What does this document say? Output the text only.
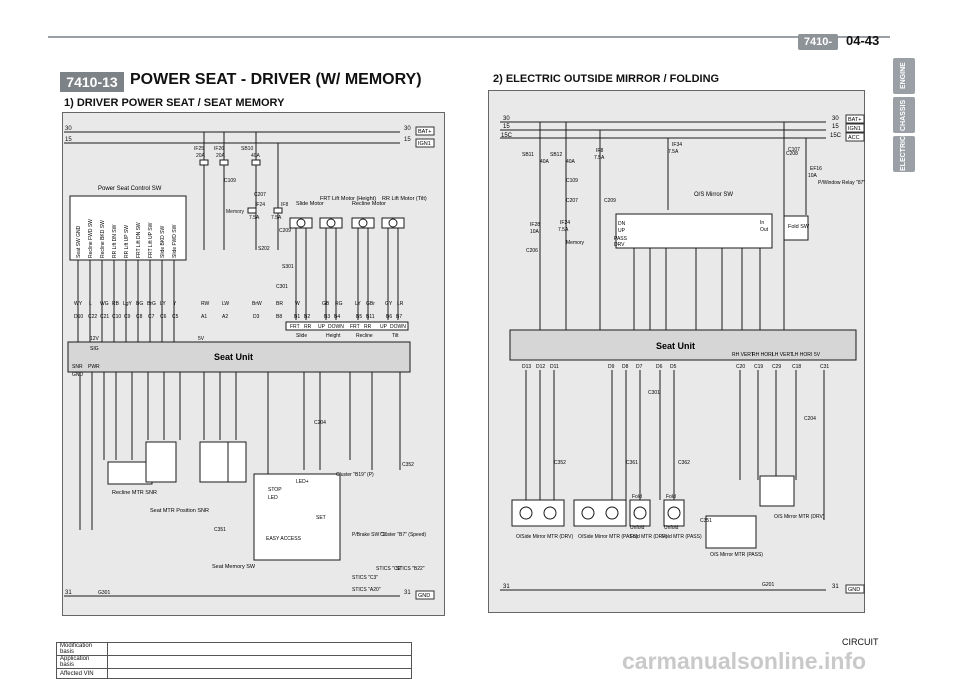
7410-13
04-43
ENGINE
CHASSIS
ELECTRIC
7410-13 POWER SEAT - DRIVER (W/ MEMORY)
1) DRIVER POWER SEAT / SEAT MEMORY
2) ELECTRIC OUTSIDE MIRROR / FOLDING
30
15
31
30
15
31
BAT+
IGN1
GND
IF25
20A
IF26
20A
SB10
40A
IF24
7.5A
IF8
7.5A
Memory
Power Seat Control SW
Seat SW GND Recline FWD SW Recline BKD SW RR Lift DN SW RR Lift UP SW FRT Lift DN SW FRT Lift UP SW Slide BKD SW Slide FWD SW
Slide Motor
FRT Lift Motor (Height)
Recline Motor
RR Lift Motor (Tilt)
D10 C22 C21 C10 C9 C8 C7 C6 C5	A1	A2	D3	B8 B1 B2	B3 B4	B5 B11 B6 B7
WY L WG RB LgY BG BrG LY Y	RW	LW	BrW	BR W	GB RG	LY GBr GY LR
FRT RR UP DOWN FRT RR UP DOWN
Slide	Height	Recline	Tilt
Seat Unit
SNR PWR
GND
SIG
12V	5V
Recline MTR SNR
Seat MTR Position SNR
STOP
LED
SET
EASY ACCESS
LED+
Seat Memory SW
STICS "C3"
STICS "A20"
STICS "C6"
STICS "B22"
Cluster "B19" (P)
Cluster "B7" (Speed)
P/Brake SW "1"
C109
C207
S202
C209
S301
C301
C351
C204
C352
G301
30
15
15C
31
30
15
15C
31
BAT+
IGN1
ACC
GND
SB11
40A
SB12
40A
IF8
7.5A
IF34
7.5A
IF28
10A
IF24
7.5A
EF16
10A
Memory
P/Window Relay "87"
O/S Mirror SW
DN
UP
PASS
DRV
In
Out	Fold SW
Seat Unit
RH VERT
RH HORI
LH VERT
LH HORI 5V
D13 D12 D11	D9 D8 D7	D6 D5	C20 C19 C29 C18	C31
O/Side Mirror MTR (DRV) O/Side Mirror MTR (PASS)
Fold MTR (DRV)
Fold MTR (PASS)
O/S Mirror MTR (DRV)
O/S Mirror MTR (PASS)
Fold
Unfold
Fold
Unfold
C107
C109
C206
C207
C208
C209
C301
C351
C352	C361	C362
C204
G201
Modification basis	
Application basis	
Affected VIN	
CIRCUIT
carmanualsonline.info
